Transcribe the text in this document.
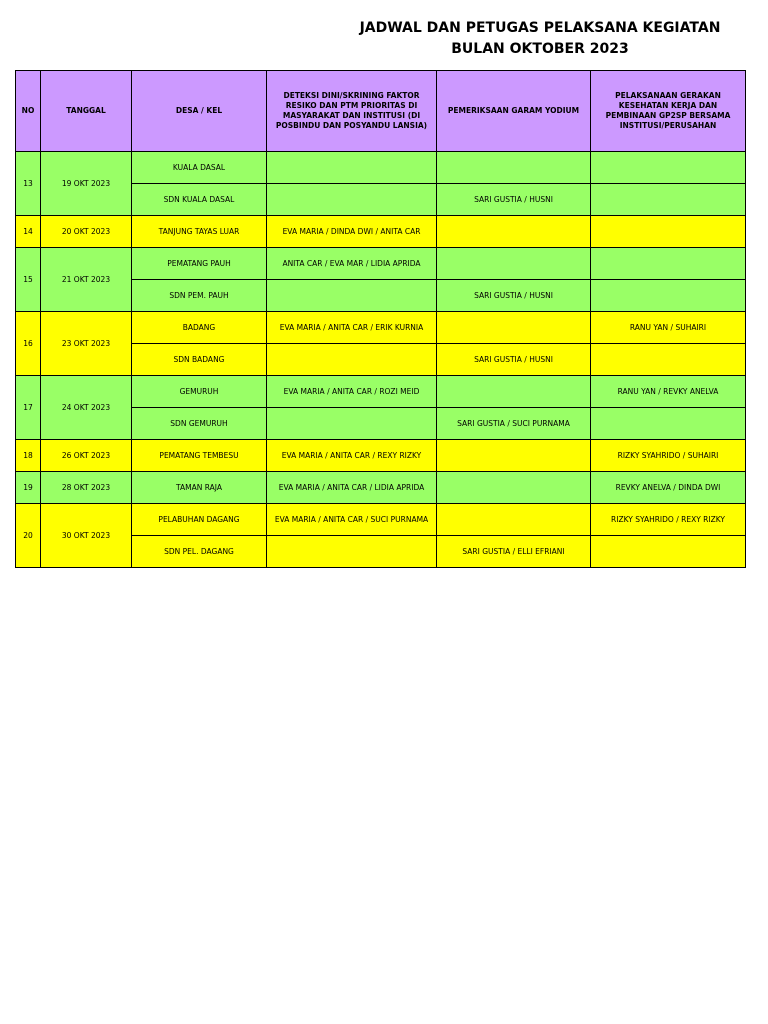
JADWAL DAN PETUGAS PELAKSANA KEGIATAN
BULAN OKTOBER 2023
NO	TANGGAL	DESA / KEL	DETEKSI DINI/SKRINING FAKTOR RESIKO DAN PTM PRIORITAS DI MASYARAKAT DAN INSTITUSI (DI POSBINDU DAN POSYANDU LANSIA)	PEMERIKSAAN GARAM YODIUM	PELAKSANAAN GERAKAN KESEHATAN KERJA DAN PEMBINAAN GP2SP BERSAMA INSTITUSI/PERUSAHAN
13	19 OKT 2023	KUALA DASAL			
		SDN KUALA DASAL		SARI GUSTIA / HUSNI	
14	20 OKT 2023	TANJUNG TAYAS LUAR	EVA MARIA / DINDA DWI / ANITA CAR		
15	21 OKT 2023	PEMATANG PAUH	ANITA CAR / EVA MAR / LIDIA APRIDA		
		SDN PEM. PAUH		SARI GUSTIA / HUSNI	
16	23 OKT 2023	BADANG	EVA MARIA / ANITA CAR / ERIK KURNIA		RANU YAN / SUHAIRI
		SDN BADANG		SARI GUSTIA / HUSNI	
17	24 OKT 2023	GEMURUH	EVA MARIA / ANITA CAR / ROZI MEID		RANU YAN / REVKY ANELVA
		SDN GEMURUH		SARI GUSTIA / SUCI PURNAMA	
18	26 OKT 2023	PEMATANG TEMBESU	EVA MARIA / ANITA CAR / REXY RIZKY		RIZKY SYAHRIDO / SUHAIRI
19	28 OKT 2023	TAMAN RAJA	EVA MARIA / ANITA CAR / LIDIA APRIDA		REVKY ANELVA / DINDA DWI
20	30 OKT 2023	PELABUHAN DAGANG	EVA MARIA / ANITA CAR / SUCI PURNAMA		RIZKY SYAHRIDO / REXY RIZKY
		SDN PEL. DAGANG		SARI GUSTIA / ELLI EFRIANI	
